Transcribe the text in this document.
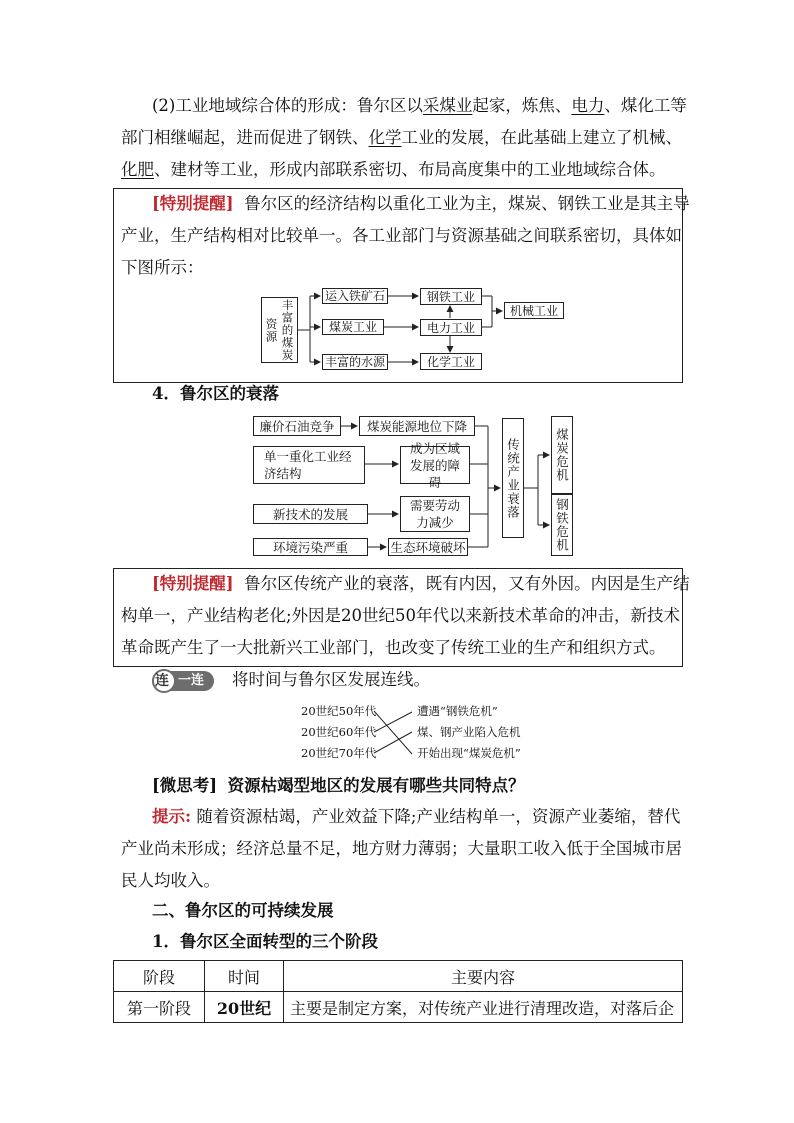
(2)工业地域综合体的形成：鲁尔区以采煤业起家，炼焦、电力、煤化工等
部门相继崛起，进而促进了钢铁、化学工业的发展，在此基础上建立了机械、
化肥、建材等工业，形成内部联系密切、布局高度集中的工业地域综合体。
[特别提醒] 鲁尔区的经济结构以重化工业为主，煤炭、钢铁工业是其主导
产业，生产结构相对比较单一。各工业部门与资源基础之间联系密切，具体如
下图所示：
丰富的煤炭资源
运入铁矿石
煤炭工业
丰富的水源
钢铁工业
电力工业
化学工业
机械工业
4．鲁尔区的衰落
廉价石油竞争	煤炭能源地位下降
单一重化工业经济结构
成为区域发展的障碍
新技术的发展
需要劳动力减少
环境污染严重	生态环境破坏
传统产业衰落	煤炭危机
钢铁危机
[特别提醒] 鲁尔区传统产业的衰落，既有内因，又有外因。内因是生产结
构单一，产业结构老化;外因是20世纪50年代以来新技术革命的冲击，新技术
革命既产生了一大批新兴工业部门，也改变了传统工业的生产和组织方式。
连 一连 将时间与鲁尔区发展连线。
20世纪50年代
20世纪60年代
20世纪70年代
遭遇“钢铁危机”
煤、钢产业陷入危机
开始出现“煤炭危机”
[微思考] 资源枯竭型地区的发展有哪些共同特点？
提示: 随着资源枯竭，产业效益下降;产业结构单一，资源产业萎缩，替代
产业尚未形成；经济总量不足，地方财力薄弱；大量职工收入低于全国城市居
民人均收入。
二、鲁尔区的可持续发展
1．鲁尔区全面转型的三个阶段
阶段	时间	主要内容
第一阶段	20世纪	主要是制定方案，对传统产业进行清理改造，对落后企
